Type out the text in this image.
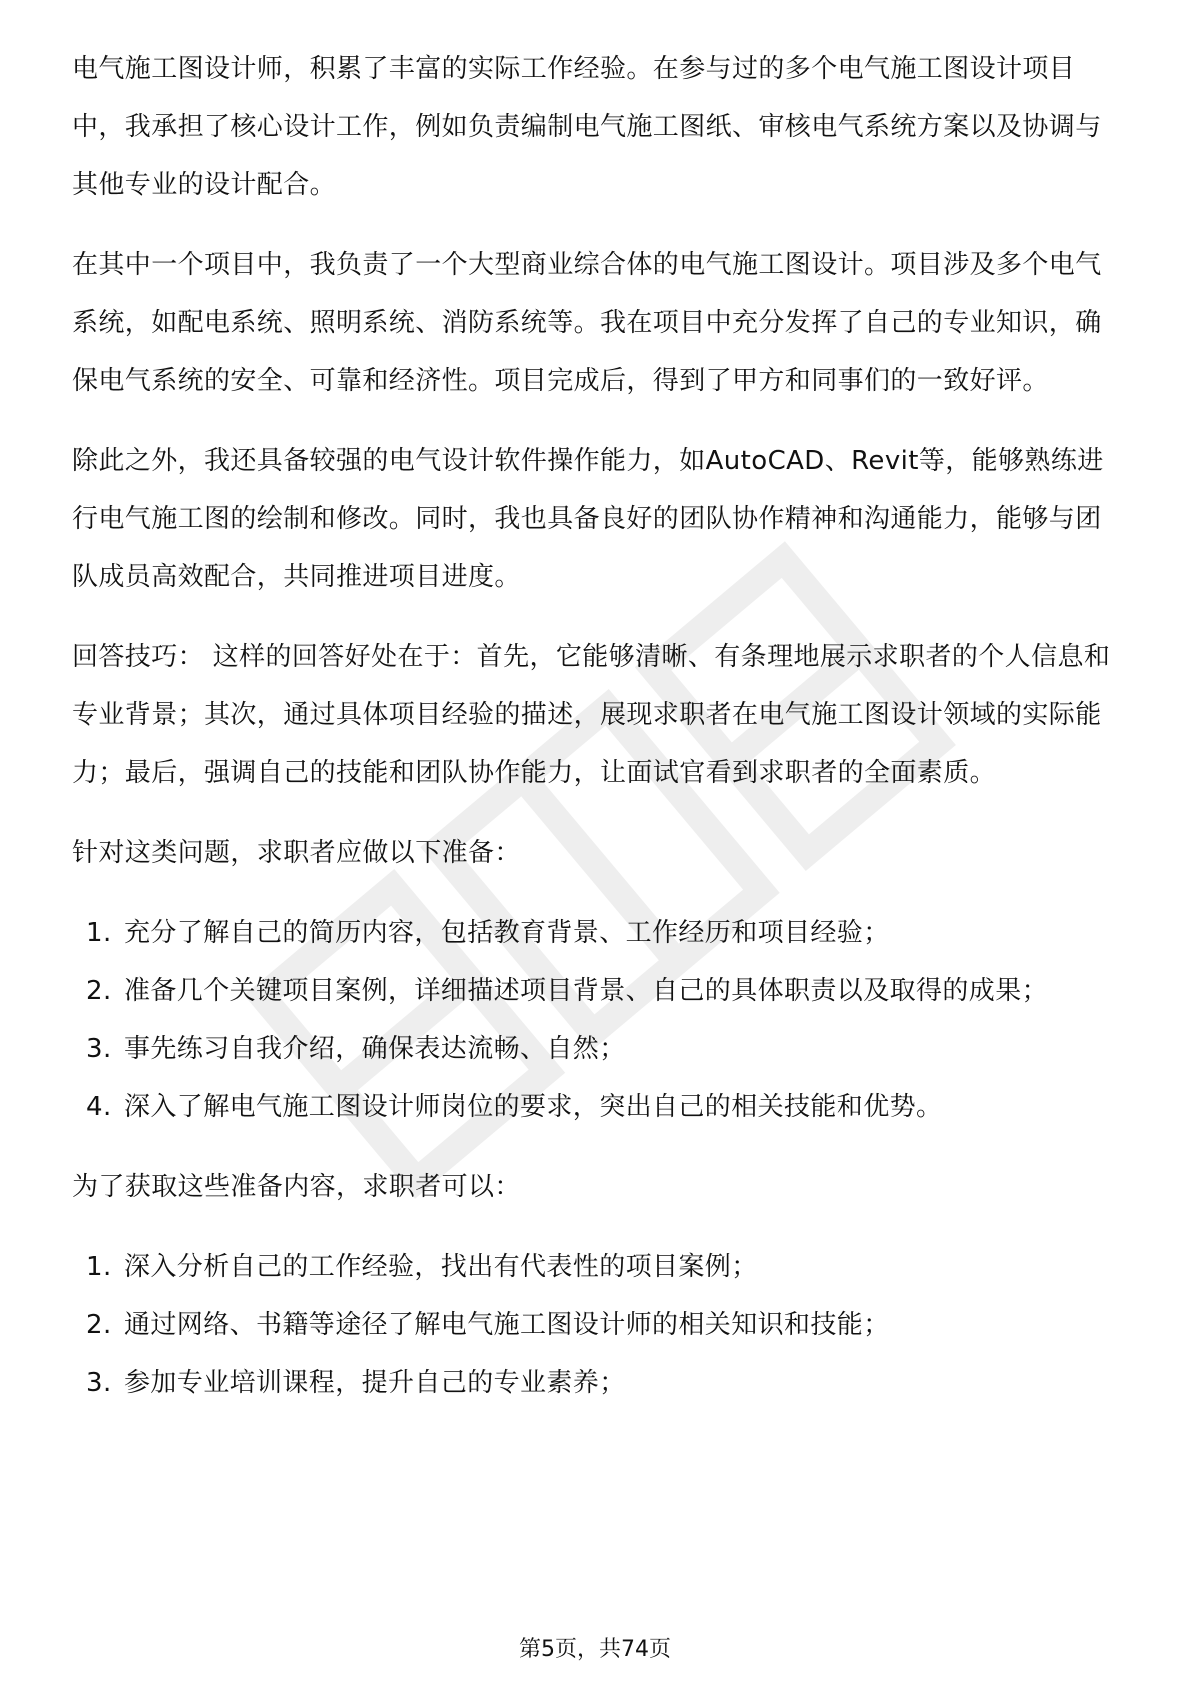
电气施工图设计师，积累了丰富的实际工作经验。在参与过的多个电气施工图设计项目中，我承担了核心设计工作，例如负责编制电气施工图纸、审核电气系统方案以及协调与其他专业的设计配合。

在其中一个项目中，我负责了一个大型商业综合体的电气施工图设计。项目涉及多个电气系统，如配电系统、照明系统、消防系统等。我在项目中充分发挥了自己的专业知识，确保电气系统的安全、可靠和经济性。项目完成后，得到了甲方和同事们的一致好评。

除此之外，我还具备较强的电气设计软件操作能力，如AutoCAD、Revit等，能够熟练进行电气施工图的绘制和修改。同时，我也具备良好的团队协作精神和沟通能力，能够与团队成员高效配合，共同推进项目进度。

回答技巧： 这样的回答好处在于：首先，它能够清晰、有条理地展示求职者的个人信息和专业背景；其次，通过具体项目经验的描述，展现求职者在电气施工图设计领域的实际能力；最后，强调自己的技能和团队协作能力，让面试官看到求职者的全面素质。

针对这类问题，求职者应做以下准备：

1. 充分了解自己的简历内容，包括教育背景、工作经历和项目经验；
2. 准备几个关键项目案例，详细描述项目背景、自己的具体职责以及取得的成果；
3. 事先练习自我介绍，确保表达流畅、自然；
4. 深入了解电气施工图设计师岗位的要求，突出自己的相关技能和优势。

为了获取这些准备内容，求职者可以：

1. 深入分析自己的工作经验，找出有代表性的项目案例；
2. 通过网络、书籍等途径了解电气施工图设计师的相关知识和技能；
3. 参加专业培训课程，提升自己的专业素养；
第5页，共74页
